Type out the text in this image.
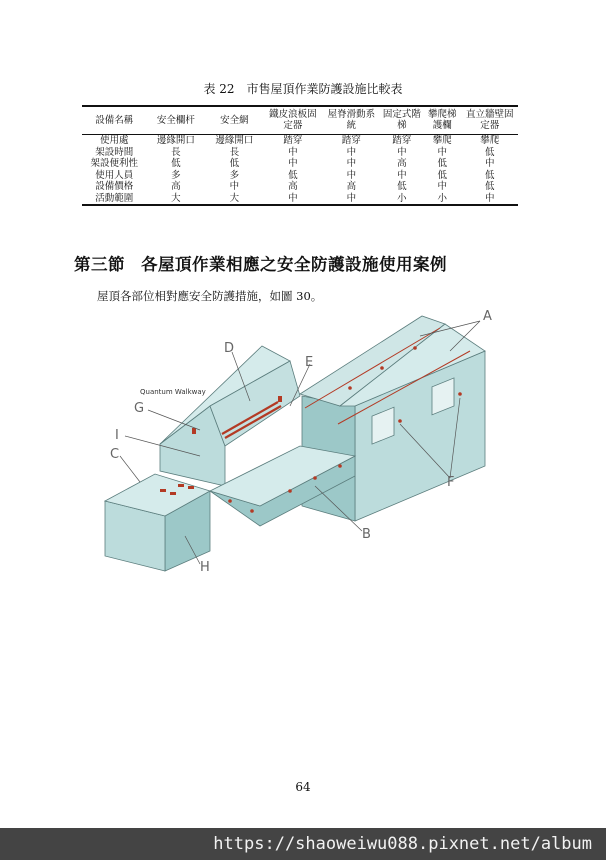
表 22　市售屋頂作業防護設施比較表
設備名稱	安全欄杆	安全網	鐵皮浪板固定器	屋脊滑動系統	固定式階梯	攀爬梯護欄	直立牆壁固定器
使用處	邊緣開口	邊緣開口	踏穿	踏穿	踏穿	攀爬	攀爬
架設時間	長	長	中	中	中	中	低
架設便利性	低	低	中	中	高	低	中
使用人員	多	多	低	中	中	低	低
設備價格	高	中	高	高	低	中	低
活動範圍	大	大	中	中	小	小	中
第三節 各屋頂作業相應之安全防護設施使用案例
屋頂各部位相對應安全防護措施，如圖 30。
A
B
C
D
E
F
G
H
I
Quantum Walkway
64
https://shaoweiwu088.pixnet.net/album
